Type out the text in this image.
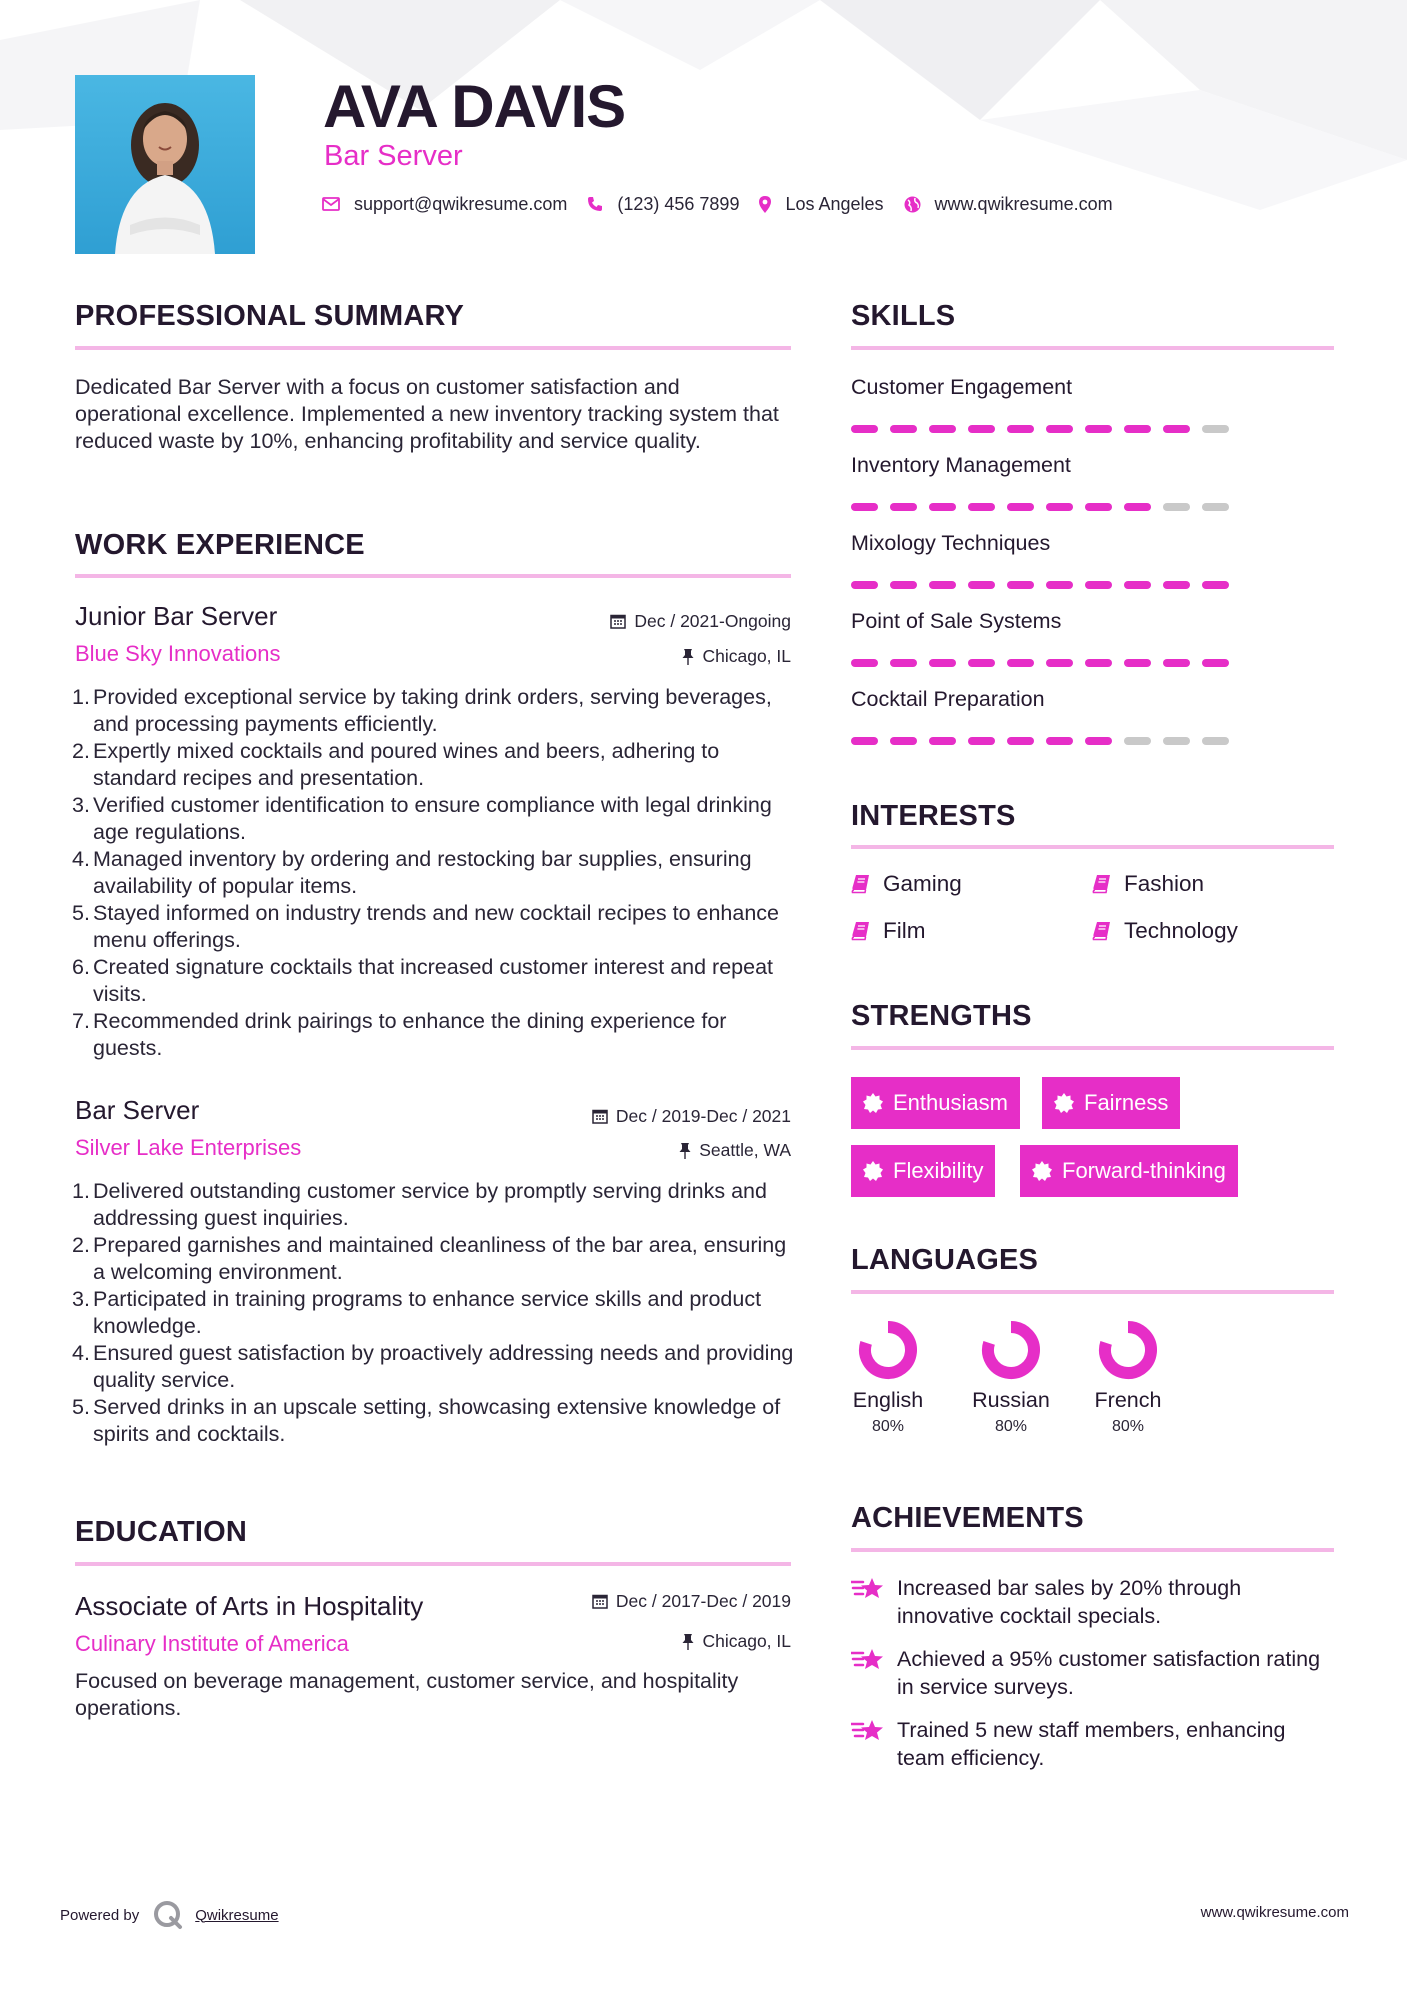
AVA DAVIS
Bar Server
support@qwikresume.com	(123) 456 7899	Los Angeles	www.qwikresume.com
PROFESSIONAL SUMMARY
Dedicated Bar Server with a focus on customer satisfaction and operational excellence. Implemented a new inventory tracking system that reduced waste by 10%, enhancing profitability and service quality.
WORK EXPERIENCE
Junior Bar Server	Dec / 2021-Ongoing
Blue Sky Innovations	Chicago, IL
1. Provided exceptional service by taking drink orders, serving beverages, and processing payments efficiently.
2. Expertly mixed cocktails and poured wines and beers, adhering to standard recipes and presentation.
3. Verified customer identification to ensure compliance with legal drinking age regulations.
4. Managed inventory by ordering and restocking bar supplies, ensuring availability of popular items.
5. Stayed informed on industry trends and new cocktail recipes to enhance menu offerings.
6. Created signature cocktails that increased customer interest and repeat visits.
7. Recommended drink pairings to enhance the dining experience for guests.
Bar Server	Dec / 2019-Dec / 2021
Silver Lake Enterprises	Seattle, WA
1. Delivered outstanding customer service by promptly serving drinks and addressing guest inquiries.
2. Prepared garnishes and maintained cleanliness of the bar area, ensuring a welcoming environment.
3. Participated in training programs to enhance service skills and product knowledge.
4. Ensured guest satisfaction by proactively addressing needs and providing quality service.
5. Served drinks in an upscale setting, showcasing extensive knowledge of spirits and cocktails.
EDUCATION
Associate of Arts in Hospitality	Dec / 2017-Dec / 2019
Culinary Institute of America	Chicago, IL
Focused on beverage management, customer service, and hospitality operations.
SKILLS
Customer Engagement
Inventory Management
Mixology Techniques
Point of Sale Systems
Cocktail Preparation
INTERESTS
Gaming	Fashion
Film	Technology
STRENGTHS
Enthusiasm	Fairness
Flexibility	Forward-thinking
LANGUAGES
English
80%
Russian
80%
French
80%
ACHIEVEMENTS
Increased bar sales by 20% through innovative cocktail specials.
Achieved a 95% customer satisfaction rating in service surveys.
Trained 5 new staff members, enhancing team efficiency.
Powered by	Qwikresume	www.qwikresume.com
